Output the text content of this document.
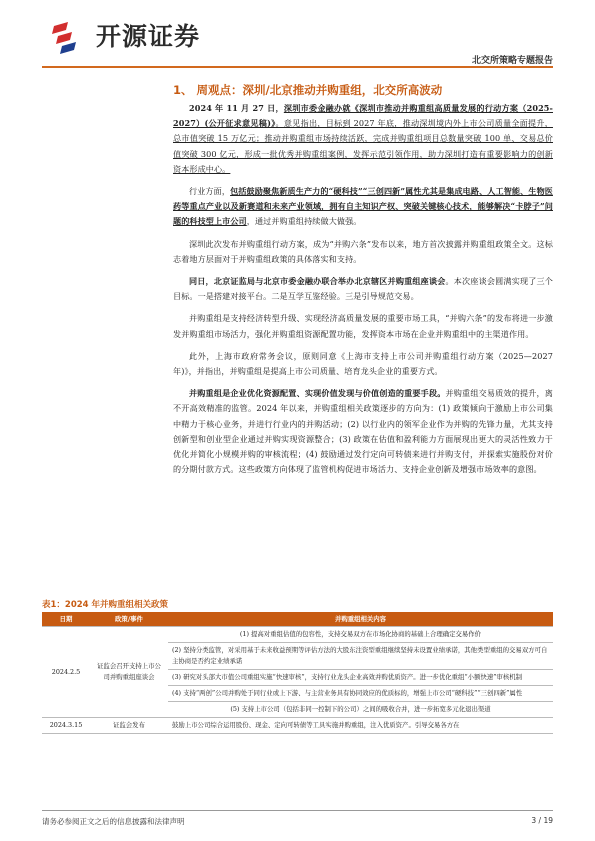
开源证券
北交所策略专题报告
1、 周观点：深圳/北京推动并购重组，北交所高波动

2024 年 11 月 27 日，深圳市委金融办就《深圳市推动并购重组高质量发展的行动方案（2025-2027）(公开征求意见稿)》。意见指出，目标到 2027 年底，推动深圳境内外上市公司质量全面提升，总市值突破 15 万亿元；推动并购重组市场持续活跃，完成并购重组项目总数量突破 100 单、交易总价值突破 300 亿元，形成一批优秀并购重组案例，发挥示范引领作用，助力深圳打造有重要影响力的创新资本形成中心。

行业方面，包括鼓励聚焦新质生产力的“硬科技”“三创四新”属性尤其是集成电路、人工智能、生物医药等重点产业以及新赛道和未来产业领域，拥有自主知识产权、突破关键核心技术，能够解决“卡脖子”问题的科技型上市公司，通过并购重组持续做大做强。

深圳此次发布并购重组行动方案，成为“并购六条”发布以来，地方首次披露并购重组政策全文。这标志着地方层面对于并购重组政策的具体落实和支持。

同日，北京证监局与北京市委金融办联合举办北京辖区并购重组座谈会。本次座谈会圆满实现了三个目标。一是搭建对接平台。二是互学互鉴经验。三是引导规范交易。

并购重组是支持经济转型升级、实现经济高质量发展的重要市场工具，“并购六条”的发布将进一步激发并购重组市场活力，强化并购重组资源配置功能，发挥资本市场在企业并购重组中的主渠道作用。

此外，上海市政府常务会议，原则同意《上海市支持上市公司并购重组行动方案（2025—2027 年)》，并指出，并购重组是提高上市公司质量、培育龙头企业的重要方式。

并购重组是企业优化资源配置、实现价值发现与价值创造的重要手段。并购重组交易质效的提升，离不开高效精准的监管。2024 年以来，并购重组相关政策逐步的方向为：(1) 政策倾向于激励上市公司集中精力于核心业务，并进行行业内的并购活动；(2) 以行业内的领军企业作为并购的先锋力量，尤其支持创新型和创业型企业通过并购实现资源整合；(3) 政策在估值和盈利能力方面展现出更大的灵活性致力于优化并简化小规模并购的审核流程；(4) 鼓励通过发行定向可转债来进行并购支付，并探索实施股份对价的分期付款方式。这些政策方向体现了监管机构促进市场活力、支持企业创新及增强市场效率的意图。

表1：2024 年并购重组相关政策
日期	政策/事件	并购重组相关内容
2024.2.5	证监会召开支持上市公司并购重组座谈会	(1) 提高对重组估值的包容性，支持交易双方在市场化协商的基础上合理确定交易作价
		(2) 坚持分类监管，对采用基于未来收益预期等评估方法的大股东注资型重组继续坚持未设置业绩承诺，其他类型重组的交易双方可自主协商是否约定业绩承诺
		(3) 研究对头部大市值公司重组实施“快速审核”，支持行业龙头企业高效并购优质资产。进一步优化重组“小额快速”审核机制
		(4) 支持“两创”公司并购处于同行业或上下游、与主营业务具有协同效应的优质标的，增强上市公司“硬科技”“三创四新”属性
		(5) 支持上市公司（包括非同一控制下的公司）之间的吸收合并，进一步拓宽多元化退出渠道
2024.3.15	证监会发布	鼓励上市公司综合运用股份、现金、定向可转债等工具实施并购重组，注入优质资产。引导交易各方在
请务必参阅正文之后的信息披露和法律声明	3 / 19
